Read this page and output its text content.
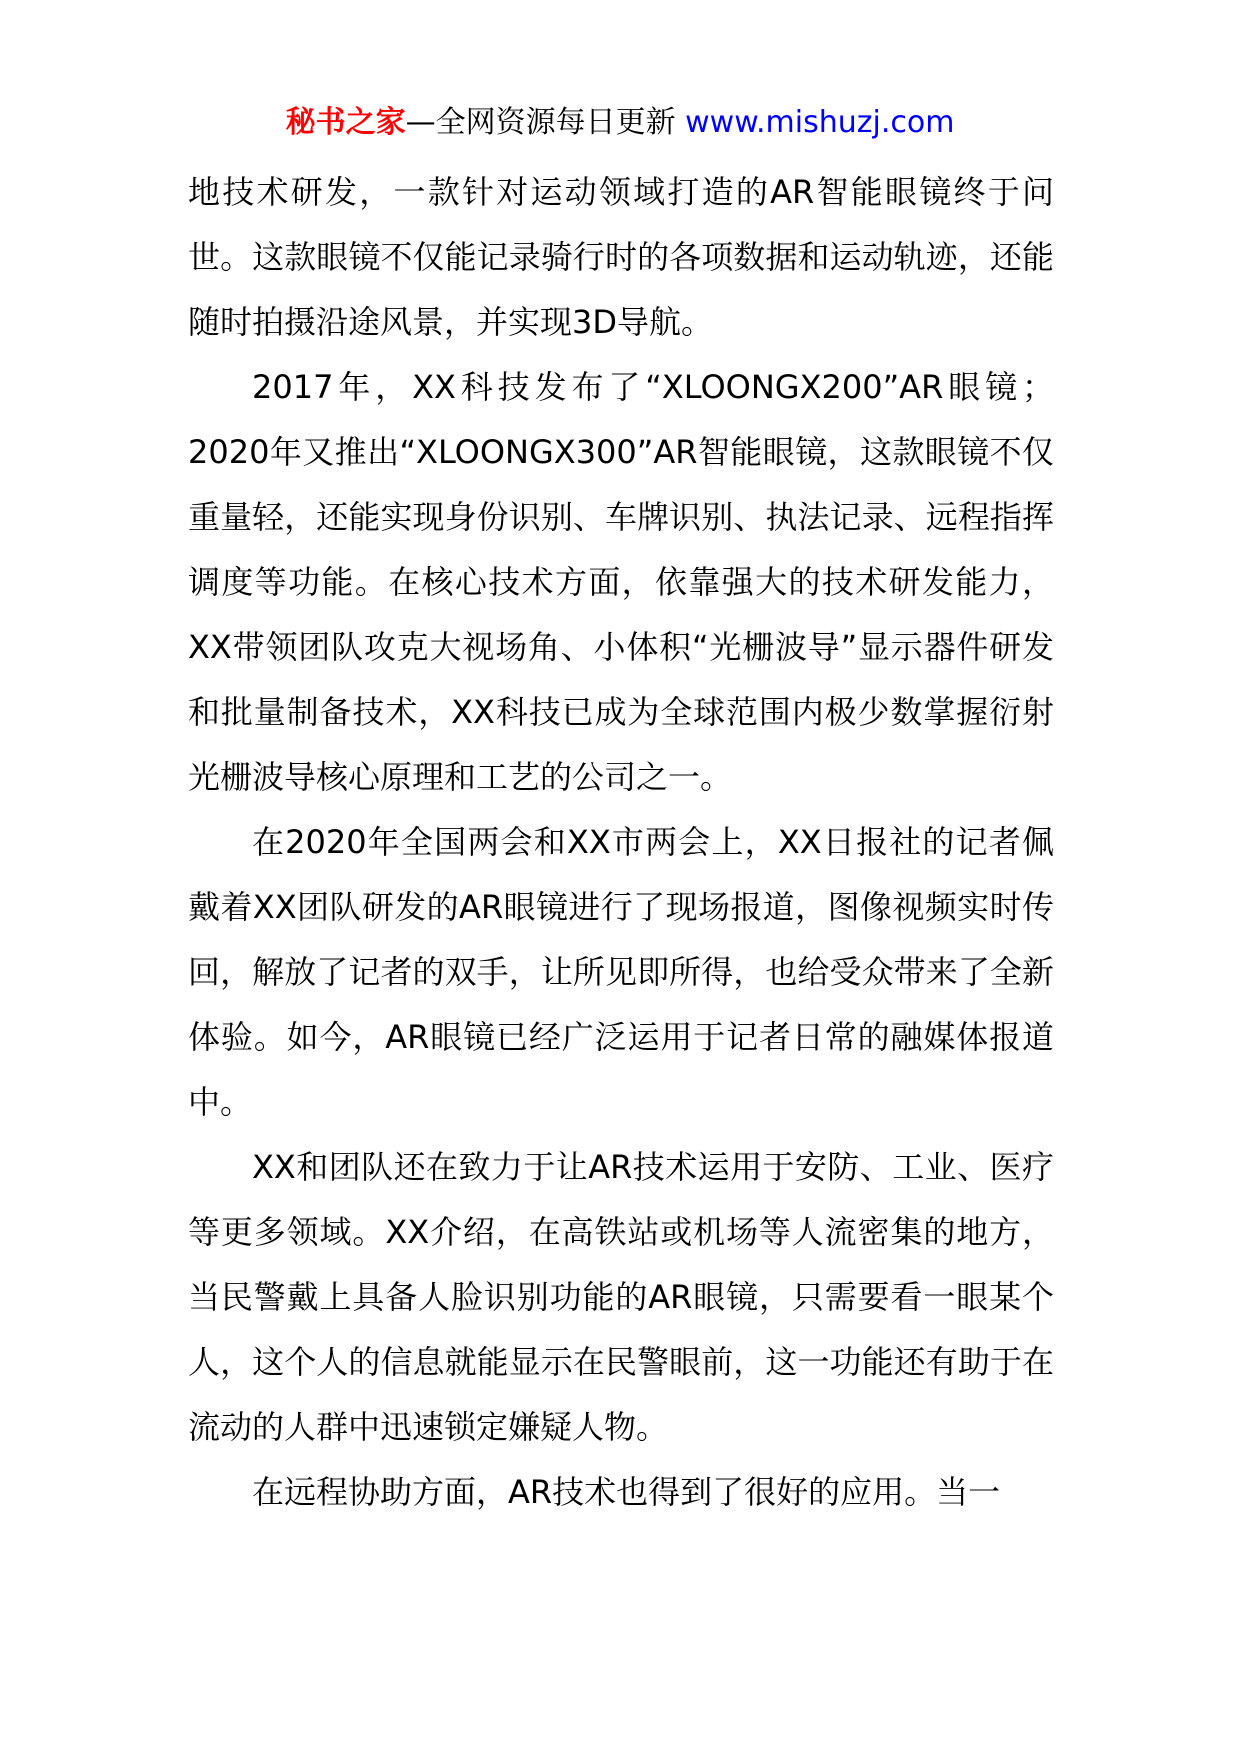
秘书之家—全网资源每日更新 www.mishuzj.com

地技术研发，一款针对运动领域打造的AR智能眼镜终于问世。这款眼镜不仅能记录骑行时的各项数据和运动轨迹，还能随时拍摄沿途风景，并实现3D导航。

2017年，XX科技发布了“XLOONGX200”AR眼镜；2020年又推出“XLOONGX300”AR智能眼镜，这款眼镜不仅重量轻，还能实现身份识别、车牌识别、执法记录、远程指挥调度等功能。在核心技术方面，依靠强大的技术研发能力，XX带领团队攻克大视场角、小体积“光栅波导”显示器件研发和批量制备技术，XX科技已成为全球范围内极少数掌握衍射光栅波导核心原理和工艺的公司之一。

在2020年全国两会和XX市两会上，XX日报社的记者佩戴着XX团队研发的AR眼镜进行了现场报道，图像视频实时传回，解放了记者的双手，让所见即所得，也给受众带来了全新体验。如今，AR眼镜已经广泛运用于记者日常的融媒体报道中。

XX和团队还在致力于让AR技术运用于安防、工业、医疗等更多领域。XX介绍，在高铁站或机场等人流密集的地方，当民警戴上具备人脸识别功能的AR眼镜，只需要看一眼某个人，这个人的信息就能显示在民警眼前，这一功能还有助于在流动的人群中迅速锁定嫌疑人物。

在远程协助方面，AR技术也得到了很好的应用。当一
